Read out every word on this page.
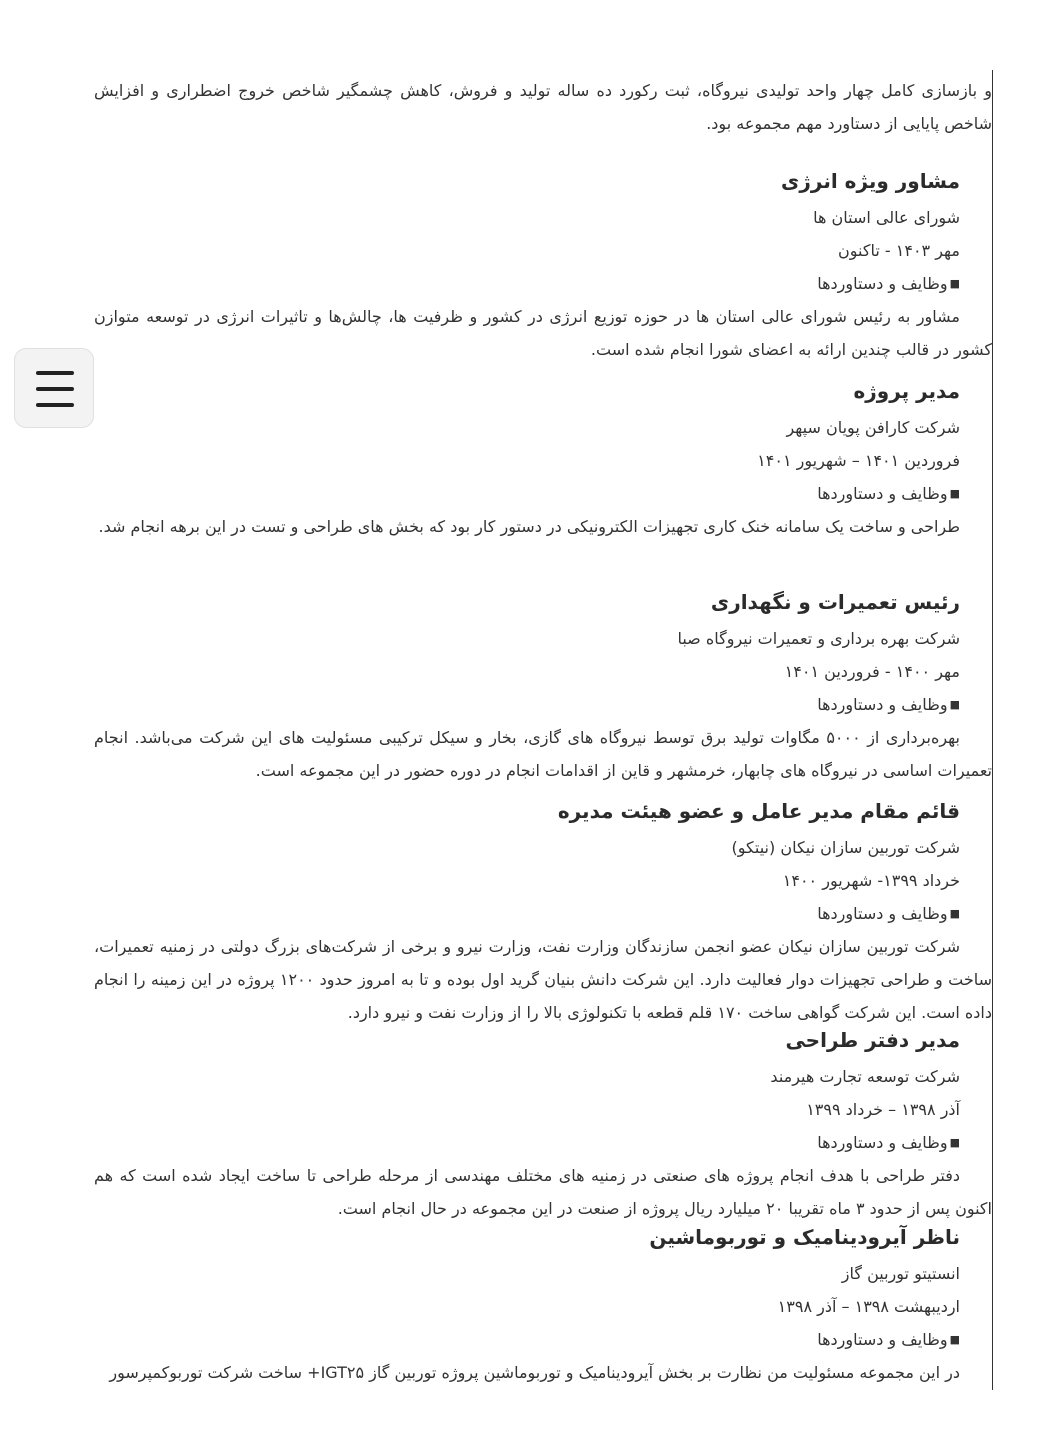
و بازسازی کامل چهار واحد تولیدی نیروگاه، ثبت رکورد ده ساله تولید و فروش، کاهش چشمگیر شاخص خروج اضطراری و افزایش شاخص پایایی از دستاورد مهم مجموعه بود.
مشاور ویژه انرژی
شورای عالی استان ها
مهر ۱۴۰۳ - تاکنون
■ وظایف و دستاوردها
مشاور به رئیس شورای عالی استان ها در حوزه توزیع انرژی در کشور و ظرفیت ها، چالش‌ها و تاثیرات انرژی در توسعه متوازن کشور در قالب چندین ارائه به اعضای شورا انجام شده است.
مدیر پروژه
شرکت کارافن پویان سپهر
فروردین ۱۴۰۱ – شهریور ۱۴۰۱
■ وظایف و دستاوردها
طراحی و ساخت یک سامانه خنک کاری تجهیزات الکترونیکی در دستور کار بود که بخش های طراحی و تست در این برهه انجام شد.
رئیس تعمیرات و نگهداری
شرکت بهره برداری و تعمیرات نیروگاه صبا
مهر ۱۴۰۰ - فروردین ۱۴۰۱
■ وظایف و دستاوردها
بهره‌برداری از ۵۰۰۰ مگاوات تولید برق توسط نیروگاه های گازی، بخار و سیکل ترکیبی مسئولیت های این شرکت می‌باشد. انجام تعمیرات اساسی در نیروگاه های چابهار، خرمشهر و قاین از اقدامات انجام در دوره حضور در این مجموعه است.
قائم مقام مدیر عامل و عضو هیئت مدیره
شرکت توربین سازان نیکان (نیتکو)
خرداد ۱۳۹۹- شهریور ۱۴۰۰
■ وظایف و دستاوردها
شرکت توربین سازان نیکان عضو انجمن سازندگان وزارت نفت، وزارت نیرو و برخی از شرکت‌های بزرگ دولتی در زمنیه تعمیرات، ساخت و طراحی تجهیزات دوار فعالیت دارد. این شرکت دانش بنیان گرید اول بوده و تا به امروز حدود ۱۲۰۰ پروژه در این زمینه را انجام داده است. این شرکت گواهی ساخت ۱۷۰ قلم قطعه با تکنولوژی بالا را از وزارت نفت و نیرو دارد.
مدیر دفتر طراحی
شرکت توسعه تجارت هیرمند
آذر ۱۳۹۸ – خرداد ۱۳۹۹
■ وظایف و دستاوردها
دفتر طراحی با هدف انجام پروژه های صنعتی در زمنیه های مختلف مهندسی از مرحله طراحی تا ساخت ایجاد شده است که هم اکنون پس از حدود ۳ ماه تقریبا ۲۰ میلیارد ریال پروژه از صنعت در این مجموعه در حال انجام است.
ناظر آیرودینامیک و توربوماشین
انستیتو توربین گاز
اردیبهشت ۱۳۹۸ – آذر ۱۳۹۸
■ وظایف و دستاوردها
در این مجموعه مسئولیت من نظارت بر بخش آیرودینامیک و توربوماشین پروژه توربین گاز IGT۲۵+ ساخت شرکت توربوکمپرسور
